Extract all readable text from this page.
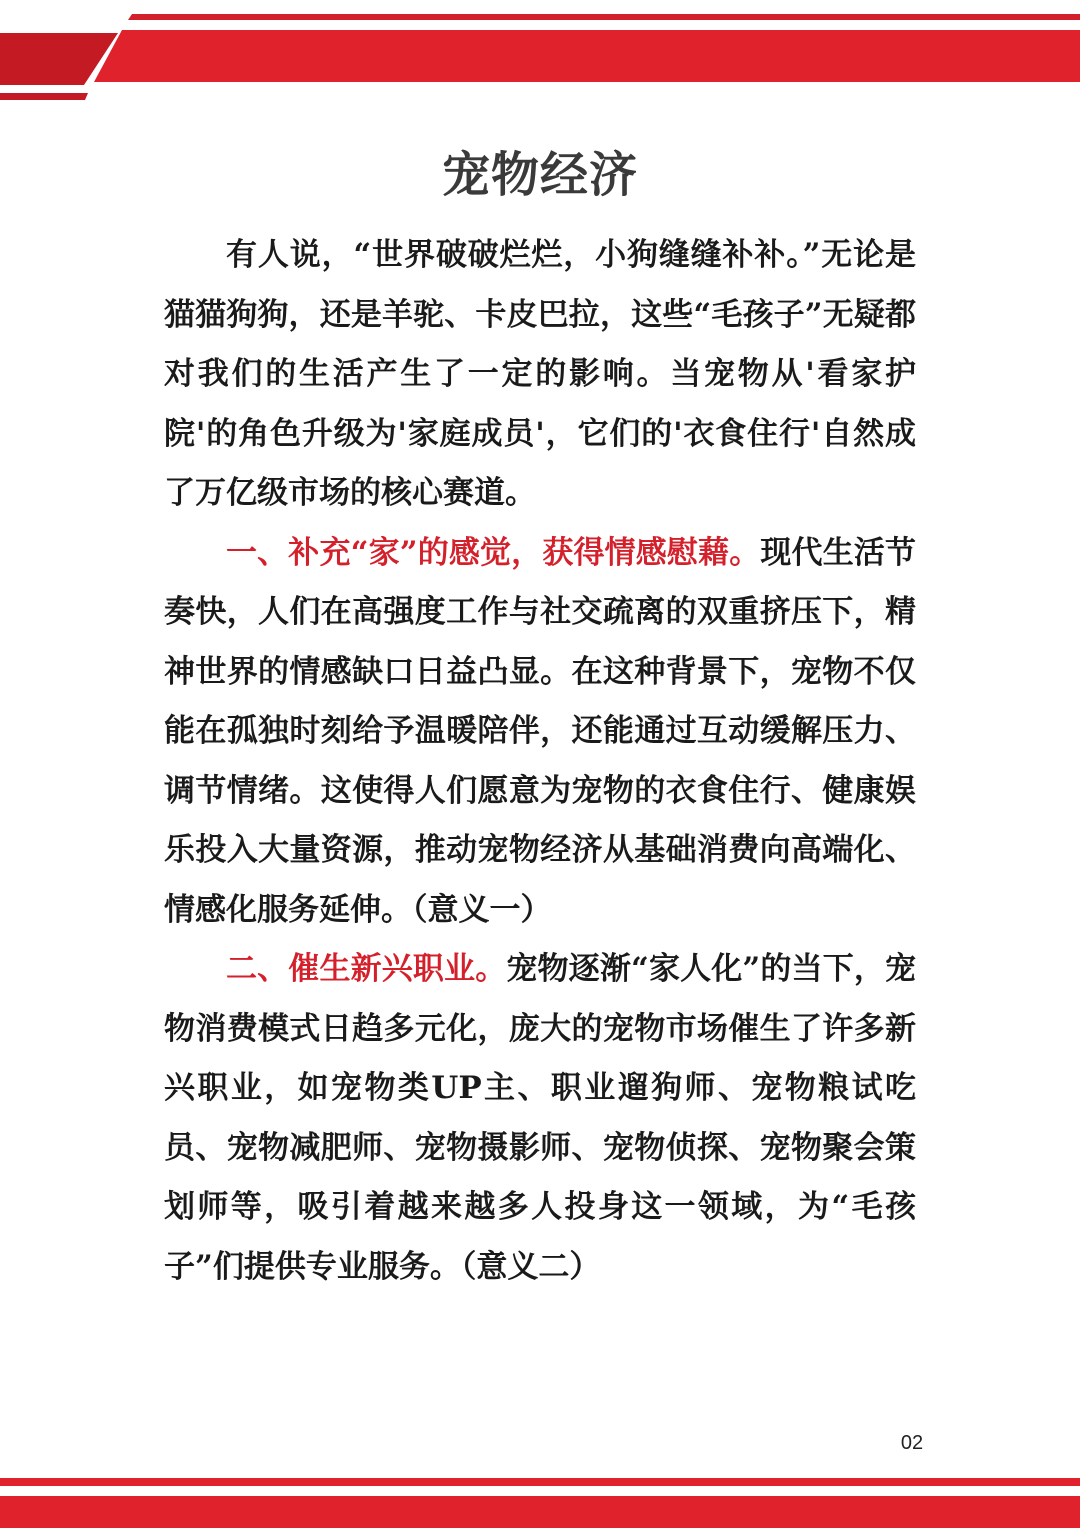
宠物经济

有人说，“世界破破烂烂，小狗缝缝补补。”无论是猫猫狗狗，还是羊驼、卡皮巴拉，这些“毛孩子”无疑都对我们的生活产生了一定的影响。当宠物从'看家护院'的角色升级为'家庭成员'，它们的'衣食住行'自然成了万亿级市场的核心赛道。

一、补充“家”的感觉，获得情感慰藉。现代生活节奏快，人们在高强度工作与社交疏离的双重挤压下，精神世界的情感缺口日益凸显。在这种背景下，宠物不仅能在孤独时刻给予温暖陪伴，还能通过互动缓解压力、调节情绪。这使得人们愿意为宠物的衣食住行、健康娱乐投入大量资源，推动宠物经济从基础消费向高端化、情感化服务延伸。（意义一）

二、催生新兴职业。宠物逐渐“家人化”的当下，宠物消费模式日趋多元化，庞大的宠物市场催生了许多新兴职业，如宠物类UP主、职业遛狗师、宠物粮试吃员、宠物减肥师、宠物摄影师、宠物侦探、宠物聚会策划师等，吸引着越来越多人投身这一领域，为“毛孩子”们提供专业服务。（意义二）

02
